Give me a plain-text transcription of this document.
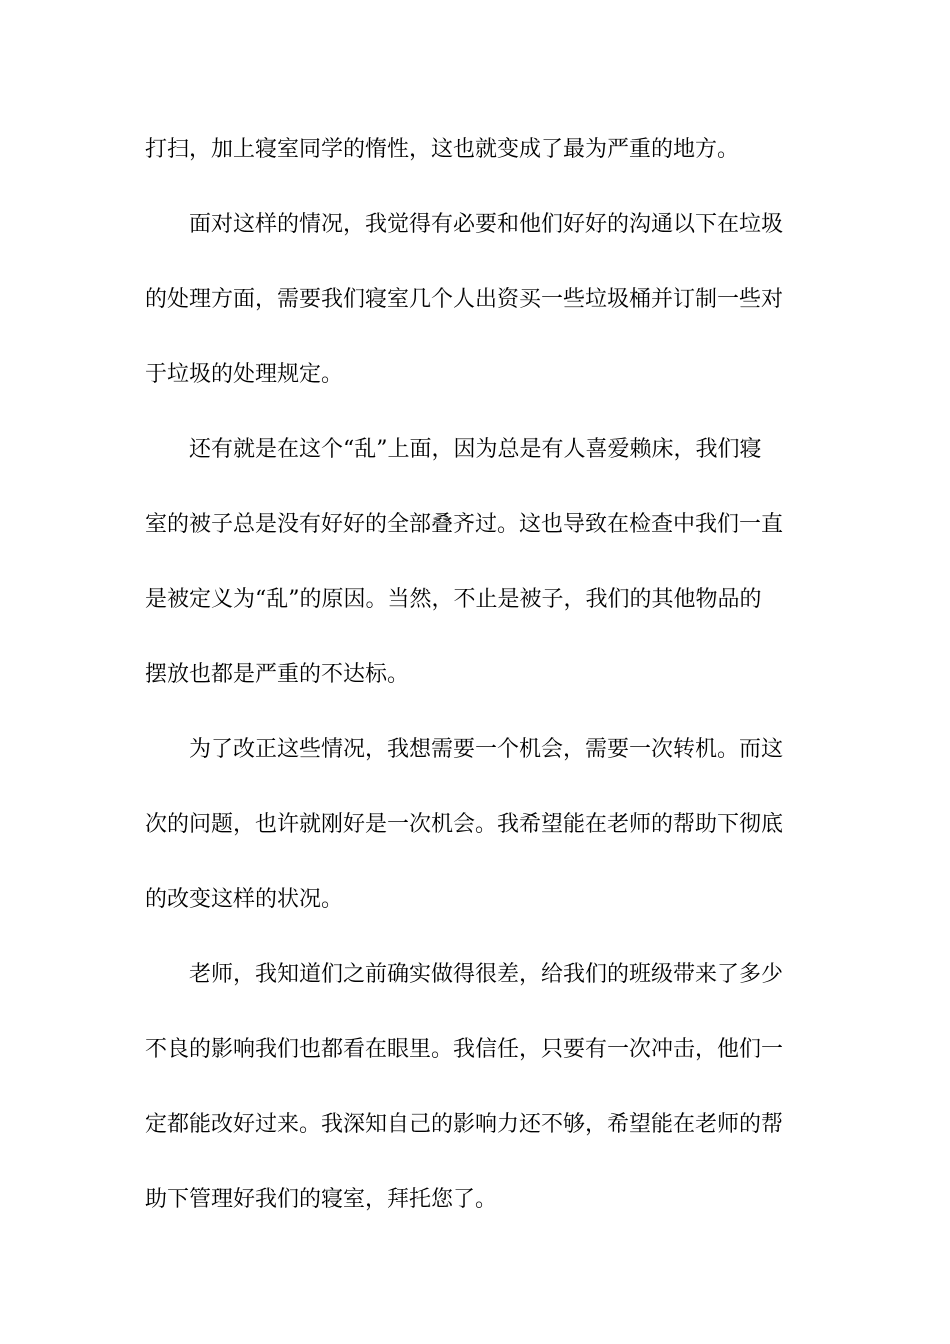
打扫，加上寝室同学的惰性，这也就变成了最为严重的地方。

面对这样的情况，我觉得有必要和他们好好的沟通以下在垃圾

的处理方面，需要我们寝室几个人出资买一些垃圾桶并订制一些对

于垃圾的处理规定。

还有就是在这个“乱”上面，因为总是有人喜爱赖床，我们寝

室的被子总是没有好好的全部叠齐过。这也导致在检查中我们一直

是被定义为“乱”的原因。当然，不止是被子，我们的其他物品的

摆放也都是严重的不达标。

为了改正这些情况，我想需要一个机会，需要一次转机。而这

次的问题，也许就刚好是一次机会。我希望能在老师的帮助下彻底

的改变这样的状况。

老师，我知道们之前确实做得很差，给我们的班级带来了多少

不良的影响我们也都看在眼里。我信任，只要有一次冲击，他们一

定都能改好过来。我深知自己的影响力还不够，希望能在老师的帮

助下管理好我们的寝室，拜托您了。
